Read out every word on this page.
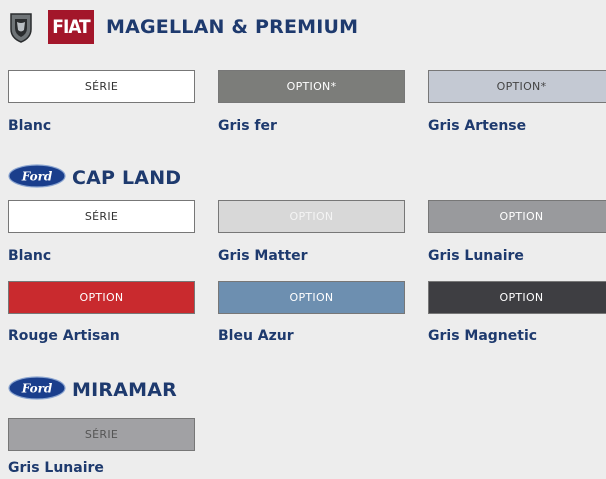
FIAT MAGELLAN & PREMIUM
SÉRIE	OPTION*	OPTION*
Blanc	Gris fer	Gris Artense
Ford CAP LAND
SÉRIE	OPTION	OPTION
Blanc	Gris Matter	Gris Lunaire
OPTION	OPTION	OPTION
Rouge Artisan	Bleu Azur	Gris Magnetic
Ford MIRAMAR
SÉRIE
Gris Lunaire
